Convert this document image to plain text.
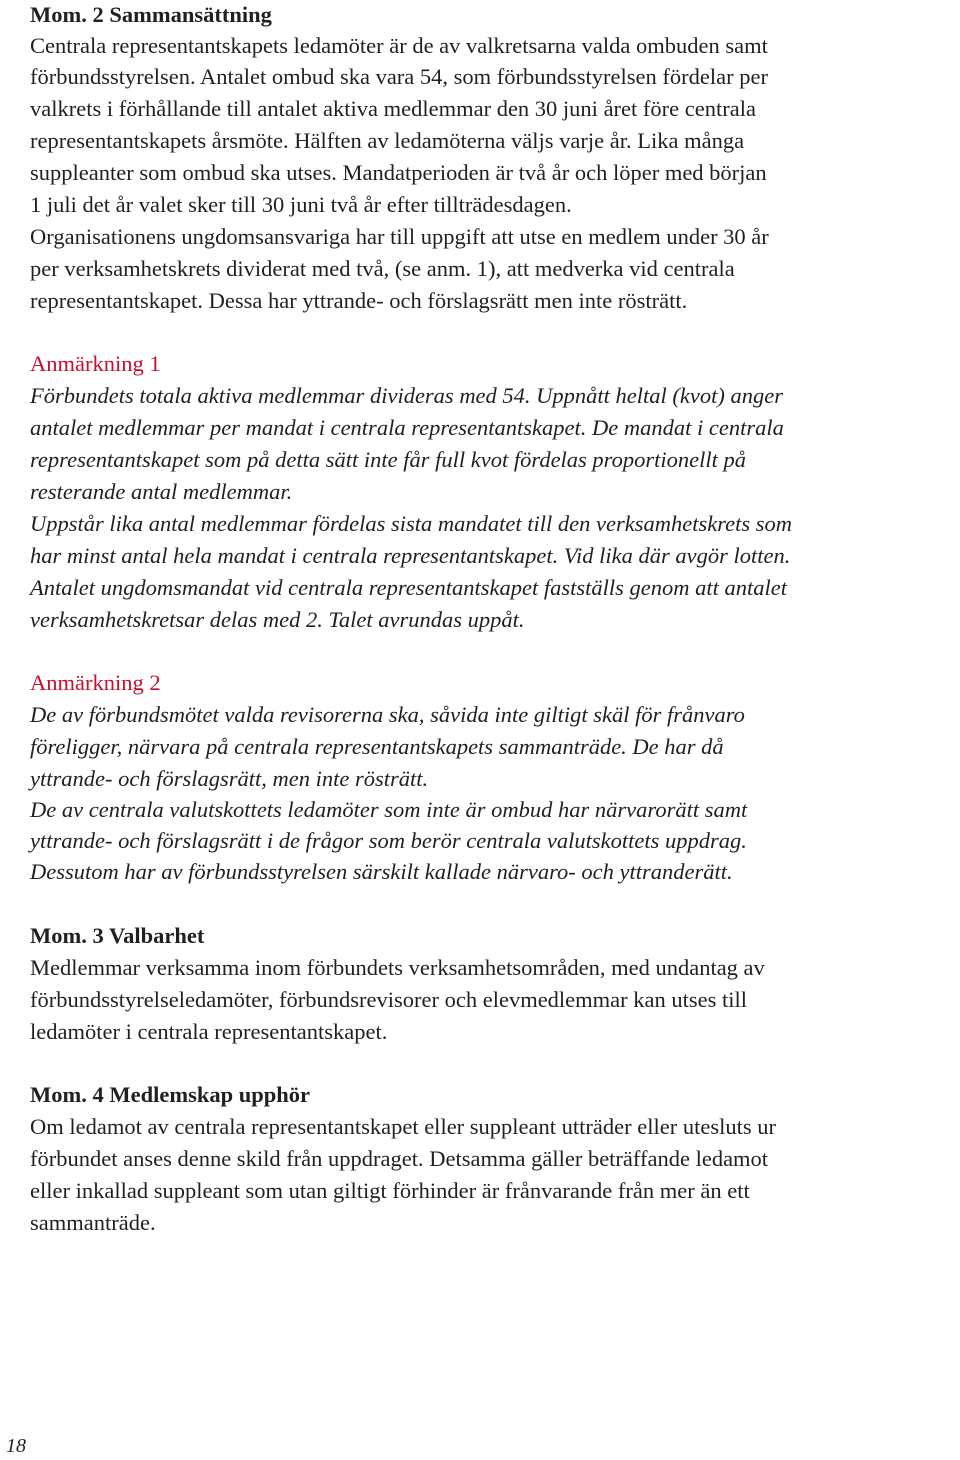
Mom. 2 Sammansättning
Centrala representantskapets ledamöter är de av valkretsarna valda ombuden samt
förbundsstyrelsen. Antalet ombud ska vara 54, som förbundsstyrelsen fördelar per
valkrets i förhållande till antalet aktiva medlemmar den 30 juni året före centrala
representantskapets årsmöte. Hälften av ledamöterna väljs varje år. Lika många
suppleanter som ombud ska utses. Mandatperioden är två år och löper med början
1 juli det år valet sker till 30 juni två år efter tillträdesdagen.
Organisationens ungdomsansvariga har till uppgift att utse en medlem under 30 år
per verksamhetskrets dividerat med två, (se anm. 1), att medverka vid centrala
representantskapet. Dessa har yttrande- och förslagsrätt men inte rösträtt.
Anmärkning 1
Förbundets totala aktiva medlemmar divideras med 54. Uppnått heltal (kvot) anger
antalet medlemmar per mandat i centrala representantskapet. De mandat i centrala
representantskapet som på detta sätt inte får full kvot fördelas proportionellt på
resterande antal medlemmar.
Uppstår lika antal medlemmar fördelas sista mandatet till den verksamhetskrets som
har minst antal hela mandat i centrala representantskapet. Vid lika där avgör lotten.
Antalet ungdomsmandat vid centrala representantskapet fastställs genom att antalet
verksamhetskretsar delas med 2. Talet avrundas uppåt.
Anmärkning 2
De av förbundsmötet valda revisorerna ska, såvida inte giltigt skäl för frånvaro
föreligger, närvara på centrala representantskapets sammanträde. De har då
yttrande- och förslagsrätt, men inte rösträtt.
De av centrala valutskottets ledamöter som inte är ombud har närvarorätt samt
yttrande- och förslagsrätt i de frågor som berör centrala valutskottets uppdrag.
Dessutom har av förbundsstyrelsen särskilt kallade närvaro- och yttranderätt.
Mom. 3 Valbarhet
Medlemmar verksamma inom förbundets verksamhetsområden, med undantag av
förbundsstyrelseledamöter, förbundsrevisorer och elevmedlemmar kan utses till
ledamöter i centrala representantskapet.
Mom. 4 Medlemskap upphör
Om ledamot av centrala representantskapet eller suppleant utträder eller utesluts ur
förbundet anses denne skild från uppdraget. Detsamma gäller beträffande ledamot
eller inkallad suppleant som utan giltigt förhinder är frånvarande från mer än ett
sammanträde.
18
